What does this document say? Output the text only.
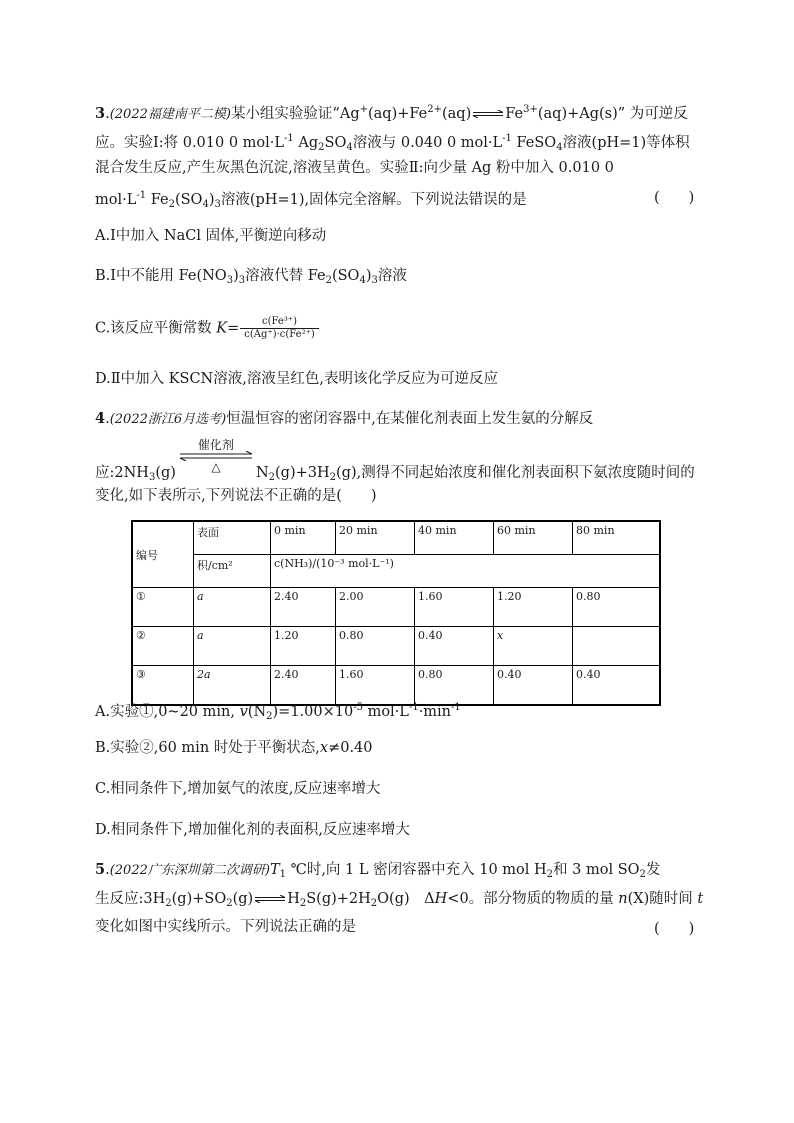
3.(2022福建南平二模)某小组实验验证“$Ag^+(aq)+Fe^{2+}(aq)\rightleftharpoons Fe^{3+}(aq)+Ag(s)$” 为可逆反
应。实验Ⅰ:将 0.010 0 $mol\cdot L^{-1}$ $Ag_2SO_4$溶液与 0.040 0 $mol\cdot L^{-1}$ FeSO$_4$溶液(pH=1)等体积
混合发生反应,产生灰黑色沉淀,溶液呈黄色。实验Ⅱ:向少量 Ag 粉中加入 0.010 0
$mol\cdot L^{-1}$ $Fe_2(SO_4)_3$溶液(pH=1),固体完全溶解。下列说法错误的是	(　　)
A.Ⅰ中加入 NaCl 固体,平衡逆向移动
B.Ⅰ中不能用 $Fe(NO_3)_3$溶液代替 $Fe_2(SO_4)_3$溶液
C.该反应平衡常数 $K= \frac{\text{c(Fe³⁺)}}{\text{c(Ag⁺)·c(Fe²⁺)}}$
D.Ⅱ中加入 KSCN溶液,溶液呈红色,表明该化学反应为可逆反应
4.(2022浙江6月选考)恒温恒容的密闭容器中,在某催化剂表面上发生氨的分解反
应$:2NH_3(g)$
催化剂
△	$N_2(g)+3H_2(g)$,测得不同起始浓度和催化剂表面积下氨浓度随时间的
变化,如下表所示,下列说法不正确的是(　　)
编号	表面	0 min	20 min	40 min	60 min	80 min
	积/cm²	c(NH₃)/(10⁻³ mol·L⁻¹)				
①	a	2.40	2.00	1.60	1.20	0.80
②	a	1.20	0.80	0.40	x	
③	2a	2.40	1.60	0.80	0.40	0.40
A.实验①,0~20 min, $v(N_2)=1.00\times 10^{-5}$ $mol\cdot L^{-1}\cdot\min^{-1}$
B.实验②,60 min 时处于平衡状态,x≠0.40
C.相同条件下,增加氨气的浓度,反应速率增大
D.相同条件下,增加催化剂的表面积,反应速率增大
5.(2022广东深圳第二次调研)$T_1$ ℃时,向 1 L 密闭容器中充入 10 mol $H_2$和 3 mol $SO_2$发
生反应$:3H_2(g)+SO_2(g)\rightleftharpoons H_2S(g)+2H_2O(g)$　ΔH<0。部分物质的物质的量 n(X)随时间 t
变化如图中实线所示。下列说法正确的是	(　　)
